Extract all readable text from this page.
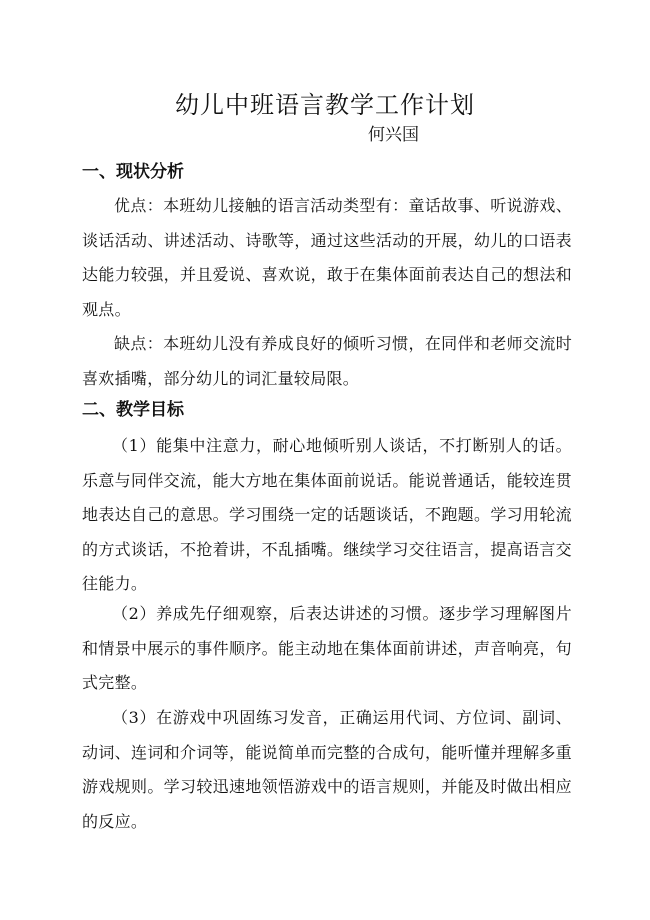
幼儿中班语言教学工作计划
何兴国
一、现状分析
优点：本班幼儿接触的语言活动类型有：童话故事、听说游戏、谈话活动、讲述活动、诗歌等，通过这些活动的开展，幼儿的口语表达能力较强，并且爱说、喜欢说，敢于在集体面前表达自己的想法和观点。
缺点：本班幼儿没有养成良好的倾听习惯，在同伴和老师交流时喜欢插嘴，部分幼儿的词汇量较局限。
二、教学目标
（1）能集中注意力，耐心地倾听别人谈话，不打断别人的话。乐意与同伴交流，能大方地在集体面前说话。能说普通话，能较连贯地表达自己的意思。学习围绕一定的话题谈话，不跑题。学习用轮流的方式谈话，不抢着讲，不乱插嘴。继续学习交往语言，提高语言交往能力。
（2）养成先仔细观察，后表达讲述的习惯。逐步学习理解图片和情景中展示的事件顺序。能主动地在集体面前讲述，声音响亮，句式完整。
（3）在游戏中巩固练习发音，正确运用代词、方位词、副词、动词、连词和介词等，能说简单而完整的合成句，能听懂并理解多重游戏规则。学习较迅速地领悟游戏中的语言规则，并能及时做出相应的反应。
